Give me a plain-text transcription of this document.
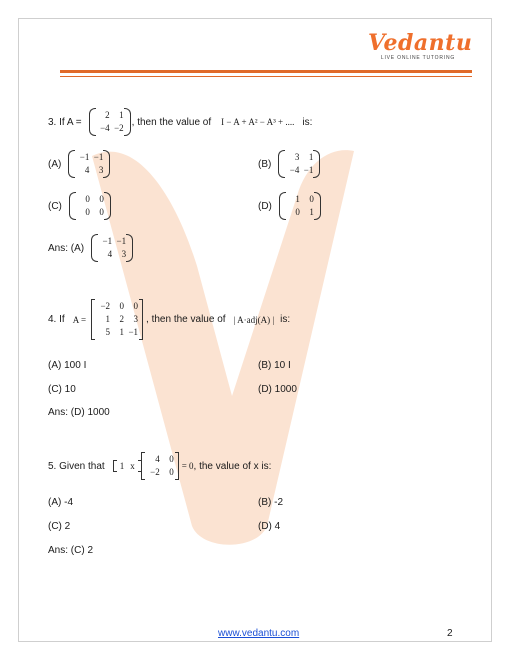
Vedantu
LIVE ONLINE TUTORING
3. If A =
2	1
−4 −2
, then the value of I − A + A² − A³ + .... is:
(A)
−1 −1
4	3
(B)
3	1
−4 −1
(C)
0	0
0	0
(D)
1	0
0	1
Ans: (A)
−1 −1
4	3
4. If A =
−2	0	0
1	2	3
5	1 −1
, then the value of | A·adj(A) | is:
(A) 100 I	(B) 10 I
(C) 10	(D) 1000
Ans: (D) 1000
5. Given that	1 x
4	0
−2	0
= 0 , the value of x is:
(A) -4	(B) -2
(C) 2	(D) 4
Ans: (C) 2
www.vedantu.com	2
